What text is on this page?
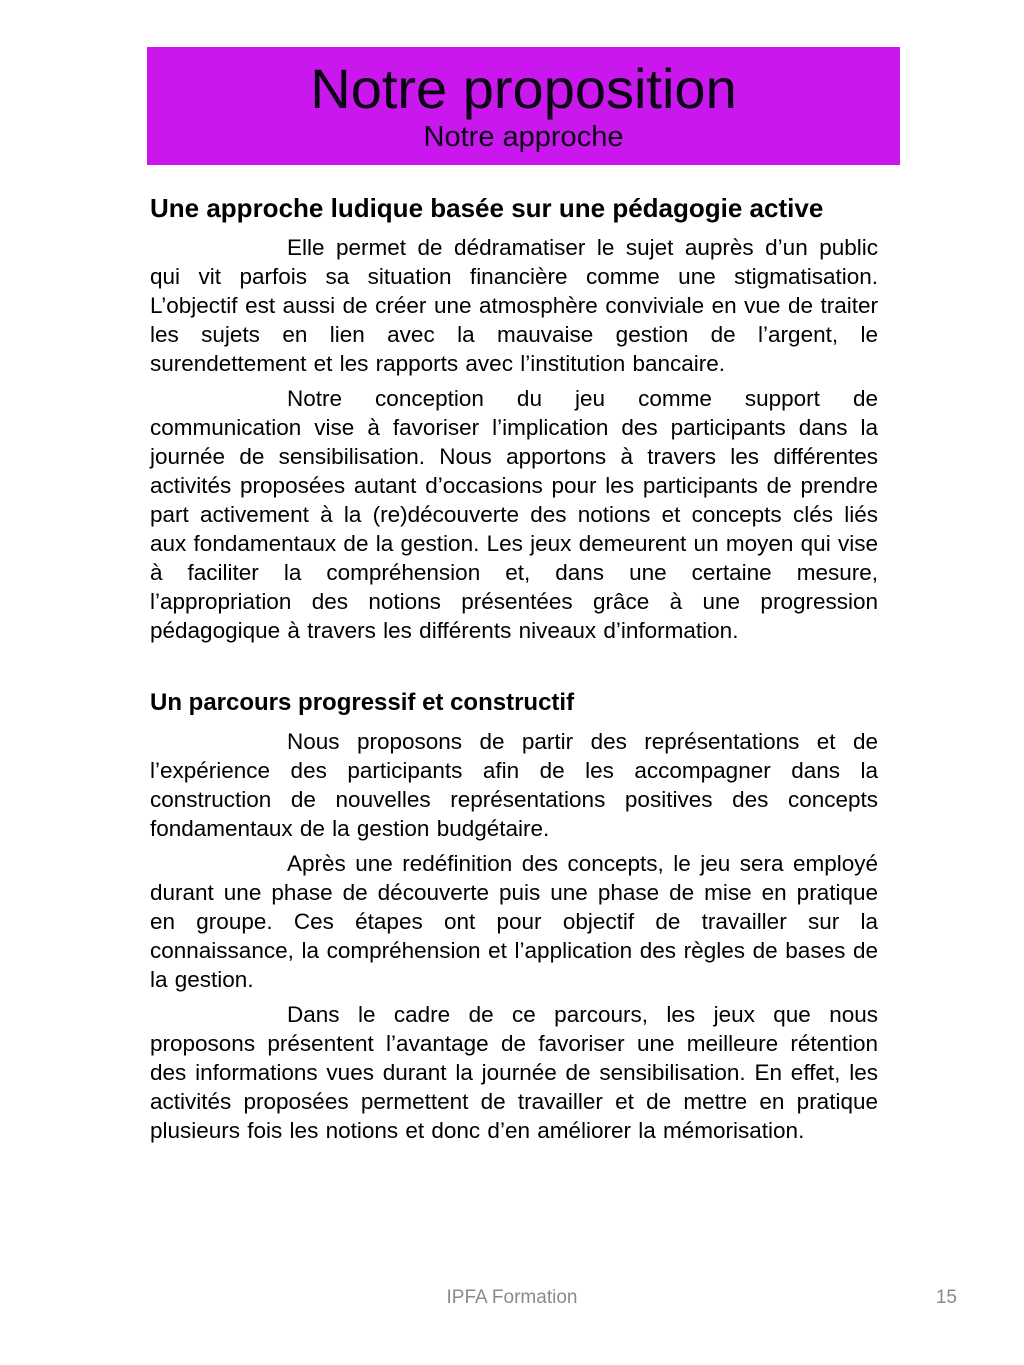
Notre proposition
Notre approche
Une approche ludique basée sur une pédagogie active

Elle permet de dédramatiser le sujet auprès d’un public qui vit parfois sa situation financière comme une stigmatisation. L’objectif est aussi de créer une atmosphère conviviale en vue de traiter les sujets en lien avec la mauvaise gestion de l’argent, le surendettement et les rapports avec l’institution bancaire.

Notre conception du jeu comme support de communication vise à favoriser l’implication des participants dans la journée de sensibilisation. Nous apportons à travers les différentes activités proposées autant d’occasions pour les participants de prendre part activement à la (re)découverte des notions et concepts clés liés aux fondamentaux de la gestion. Les jeux demeurent un moyen qui vise à faciliter la compréhension et, dans une certaine mesure, l’appropriation des notions présentées grâce à une progression pédagogique à travers les différents niveaux d’information.

Un parcours progressif et constructif

Nous proposons de partir des représentations et de l’expérience des participants afin de les accompagner dans la construction de nouvelles représentations positives des concepts fondamentaux de la gestion budgétaire.

Après une redéfinition des concepts, le jeu sera employé durant une phase de découverte puis une phase de mise en pratique en groupe. Ces étapes ont pour objectif de travailler sur la connaissance, la compréhension et l’application des règles de bases de la gestion.

Dans le cadre de ce parcours, les jeux que nous proposons présentent l’avantage de favoriser une meilleure rétention des informations vues durant la journée de sensibilisation. En effet, les activités proposées permettent de travailler et de mettre en pratique plusieurs fois les notions et donc d’en améliorer la mémorisation.

IPFA Formation	15
